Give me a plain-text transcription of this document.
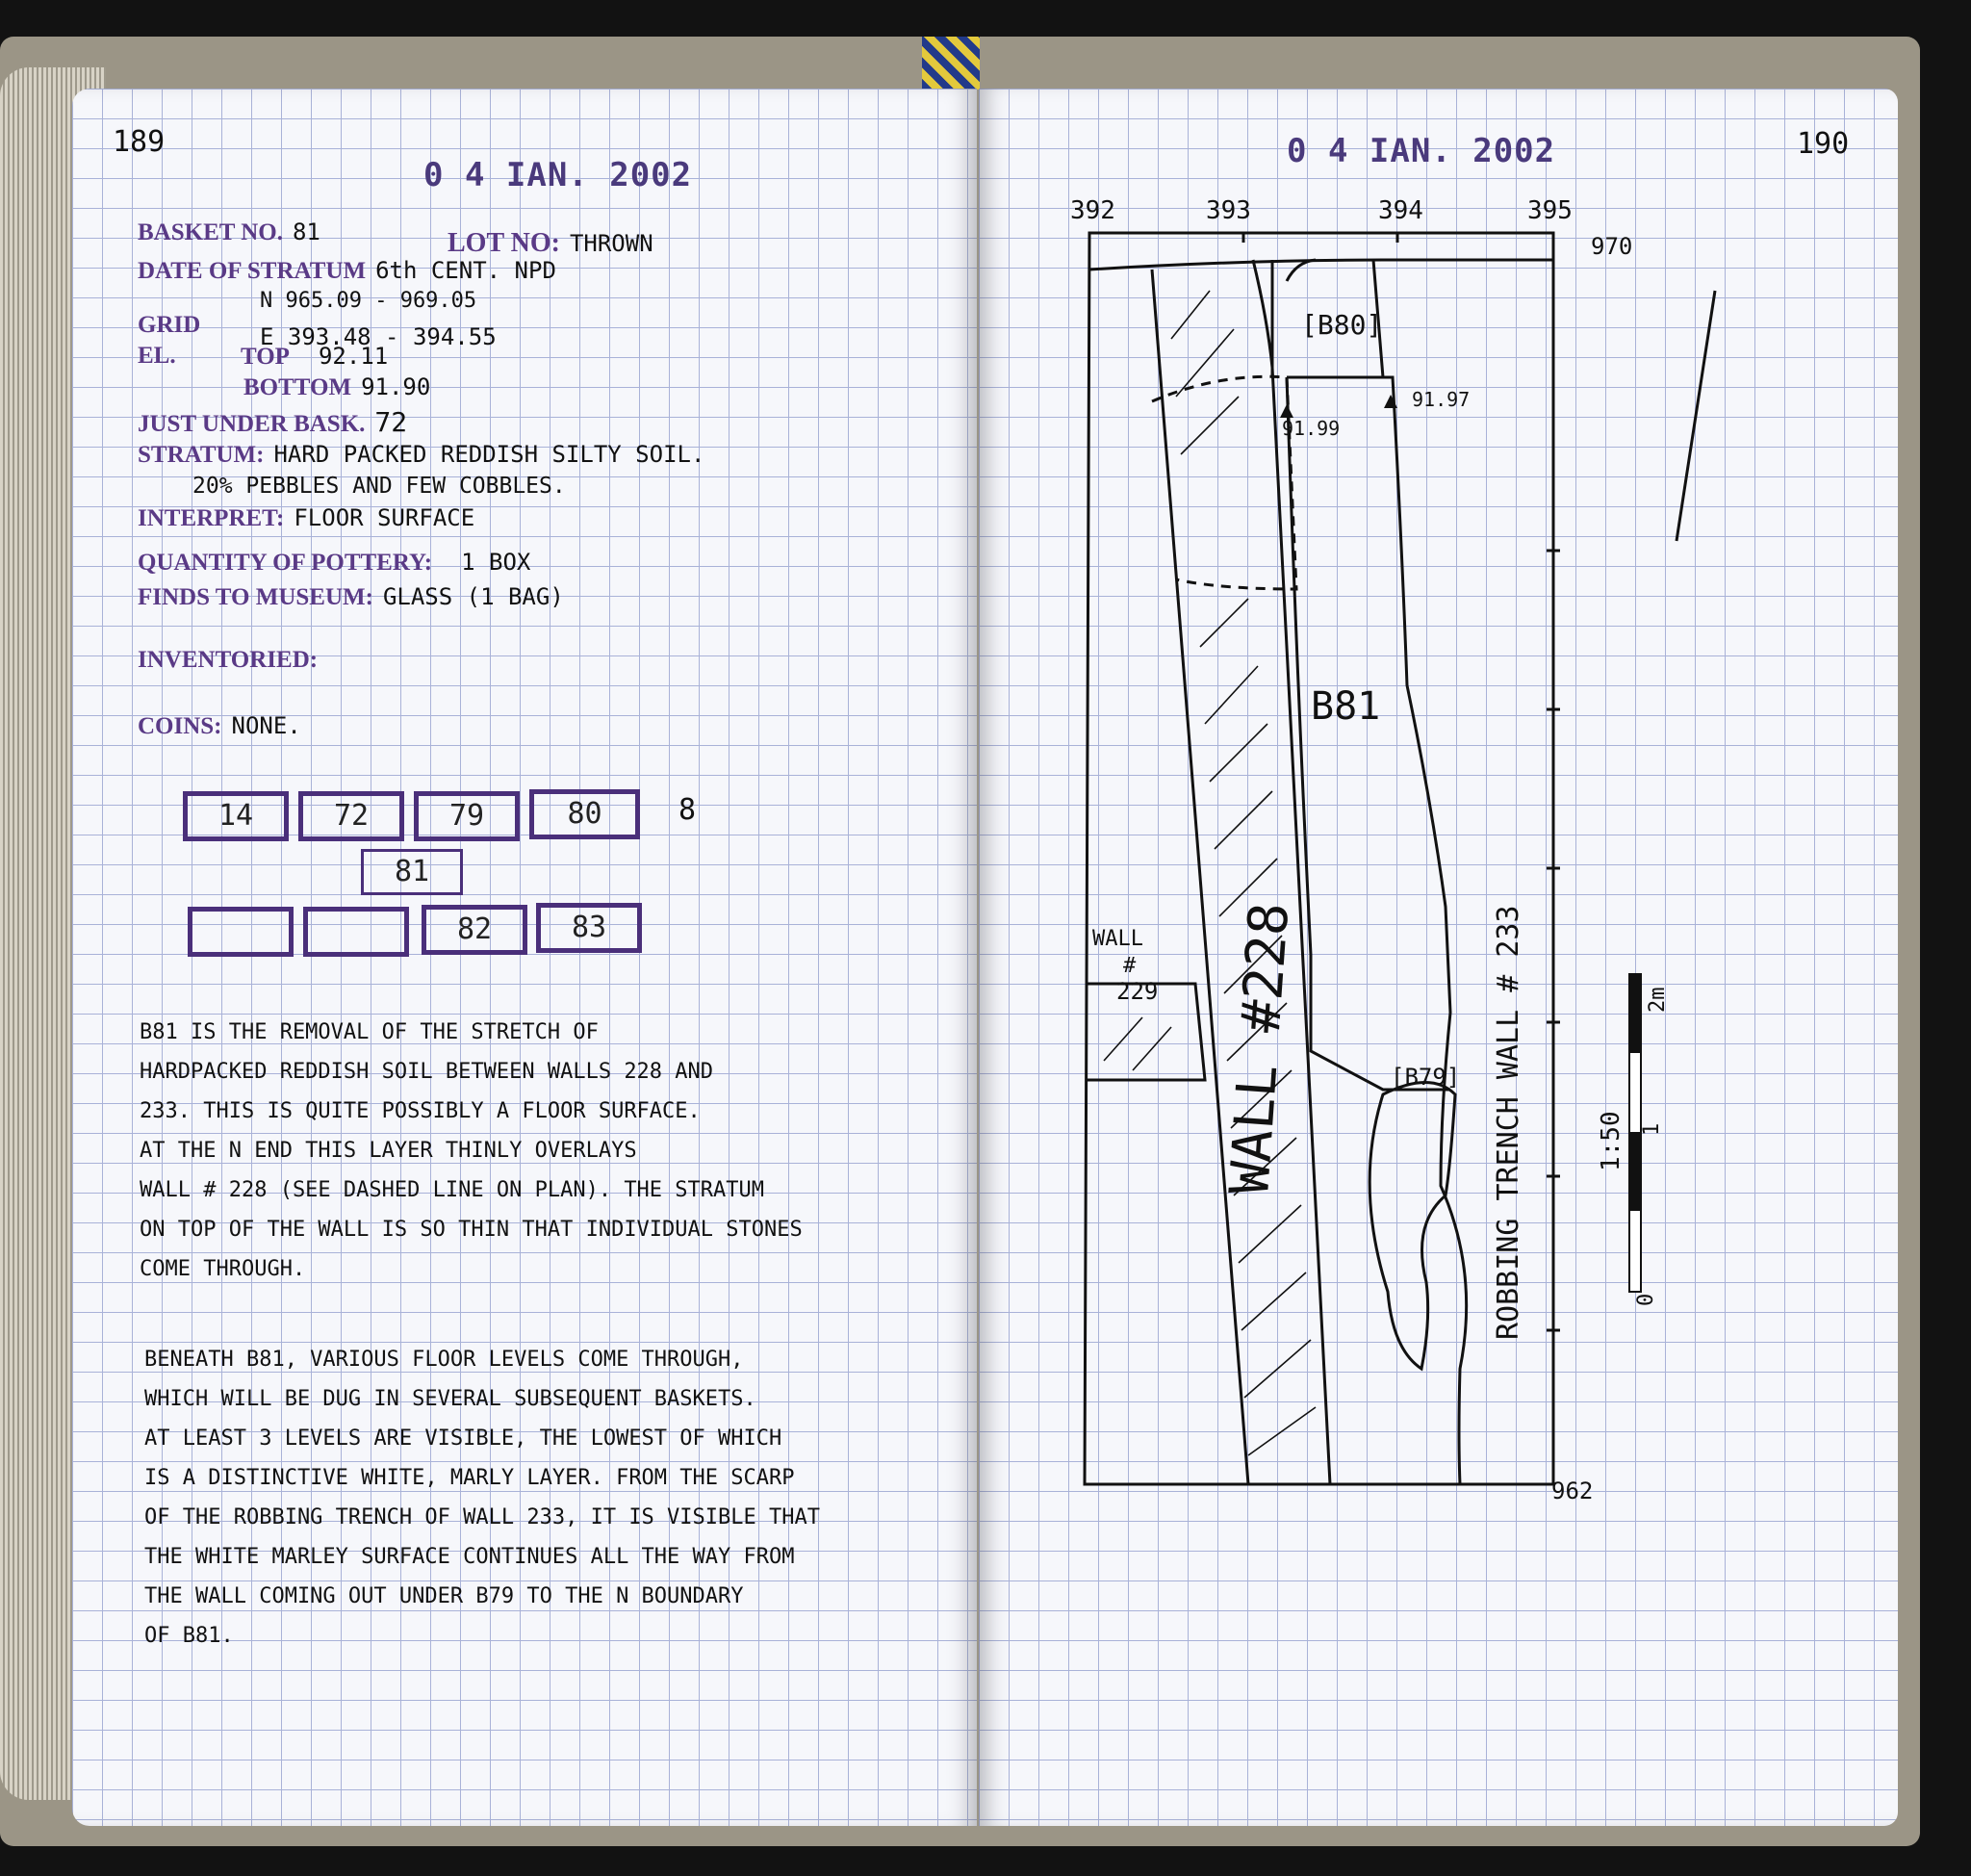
189

0 4 IAN. 2002

BASKET NO. 81	LOT NO: THROWN
DATE OF STRATUM 6th CENT. NPD
GRID

N 965.09 - 969.05

E 393.48 - 394.55

EL.	TOP 92.11
BOTTOM 91.90
JUST UNDER BASK. 72
STRATUM: HARD PACKED REDDISH SILTY SOIL.

20% PEBBLES AND FEW COBBLES.

INTERPRET: FLOOR SURFACE
QUANTITY OF POTTERY: 1 BOX
FINDS TO MUSEUM: GLASS (1 BAG)
INVENTORIED:
COINS: NONE.
14	72	79	80	8

81
82	83
B81 IS THE REMOVAL OF THE STRETCH OF
HARDPACKED REDDISH SOIL BETWEEN WALLS 228 AND
233. THIS IS QUITE POSSIBLY A FLOOR SURFACE.
AT THE N END THIS LAYER THINLY OVERLAYS
WALL # 228 (SEE DASHED LINE ON PLAN). THE STRATUM
ON TOP OF THE WALL IS SO THIN THAT INDIVIDUAL STONES
COME THROUGH.
BENEATH B81, VARIOUS FLOOR LEVELS COME THROUGH,
WHICH WILL BE DUG IN SEVERAL SUBSEQUENT BASKETS.
AT LEAST 3 LEVELS ARE VISIBLE, THE LOWEST OF WHICH
IS A DISTINCTIVE WHITE, MARLY LAYER. FROM THE SCARP
OF THE ROBBING TRENCH OF WALL 233, IT IS VISIBLE THAT
THE WHITE MARLEY SURFACE CONTINUES ALL THE WAY FROM
THE WALL COMING OUT UNDER B79 TO THE N BOUNDARY
OF B81.

190

0 4 IAN. 2002

392	393	394	395
970
962
91.99
91.97
[B80]
B81
[B79]
WALL
#
229 WALL #228	ROBBING TRENCH WALL # 233	2m
1
0
1:50
